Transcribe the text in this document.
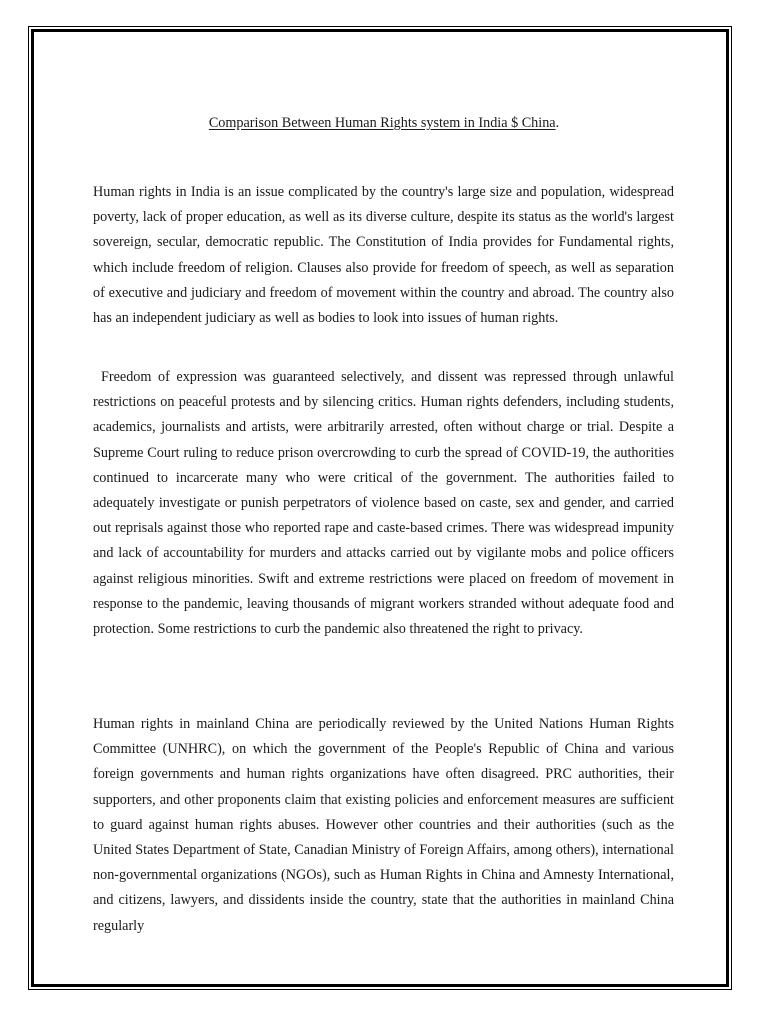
Comparison Between Human Rights system in India $ China.

Human rights in India is an issue complicated by the country's large size and population, widespread poverty, lack of proper education, as well as its diverse culture, despite its status as the world's largest sovereign, secular, democratic republic. The Constitution of India provides for Fundamental rights, which include freedom of religion. Clauses also provide for freedom of speech, as well as separation of executive and judiciary and freedom of movement within the country and abroad. The country also has an independent judiciary as well as bodies to look into issues of human rights.

Freedom of expression was guaranteed selectively, and dissent was repressed through unlawful restrictions on peaceful protests and by silencing critics. Human rights defenders, including students, academics, journalists and artists, were arbitrarily arrested, often without charge or trial. Despite a Supreme Court ruling to reduce prison overcrowding to curb the spread of COVID-19, the authorities continued to incarcerate many who were critical of the government. The authorities failed to adequately investigate or punish perpetrators of violence based on caste, sex and gender, and carried out reprisals against those who reported rape and caste-based crimes. There was widespread impunity and lack of accountability for murders and attacks carried out by vigilante mobs and police officers against religious minorities. Swift and extreme restrictions were placed on freedom of movement in response to the pandemic, leaving thousands of migrant workers stranded without adequate food and protection. Some restrictions to curb the pandemic also threatened the right to privacy.

Human rights in mainland China are periodically reviewed by the United Nations Human Rights Committee (UNHRC), on which the government of the People's Republic of China and various foreign governments and human rights organizations have often disagreed. PRC authorities, their supporters, and other proponents claim that existing policies and enforcement measures are sufficient to guard against human rights abuses. However other countries and their authorities (such as the United States Department of State, Canadian Ministry of Foreign Affairs, among others), international non-governmental organizations (NGOs), such as Human Rights in China and Amnesty International, and citizens, lawyers, and dissidents inside the country, state that the authorities in mainland China regularly
